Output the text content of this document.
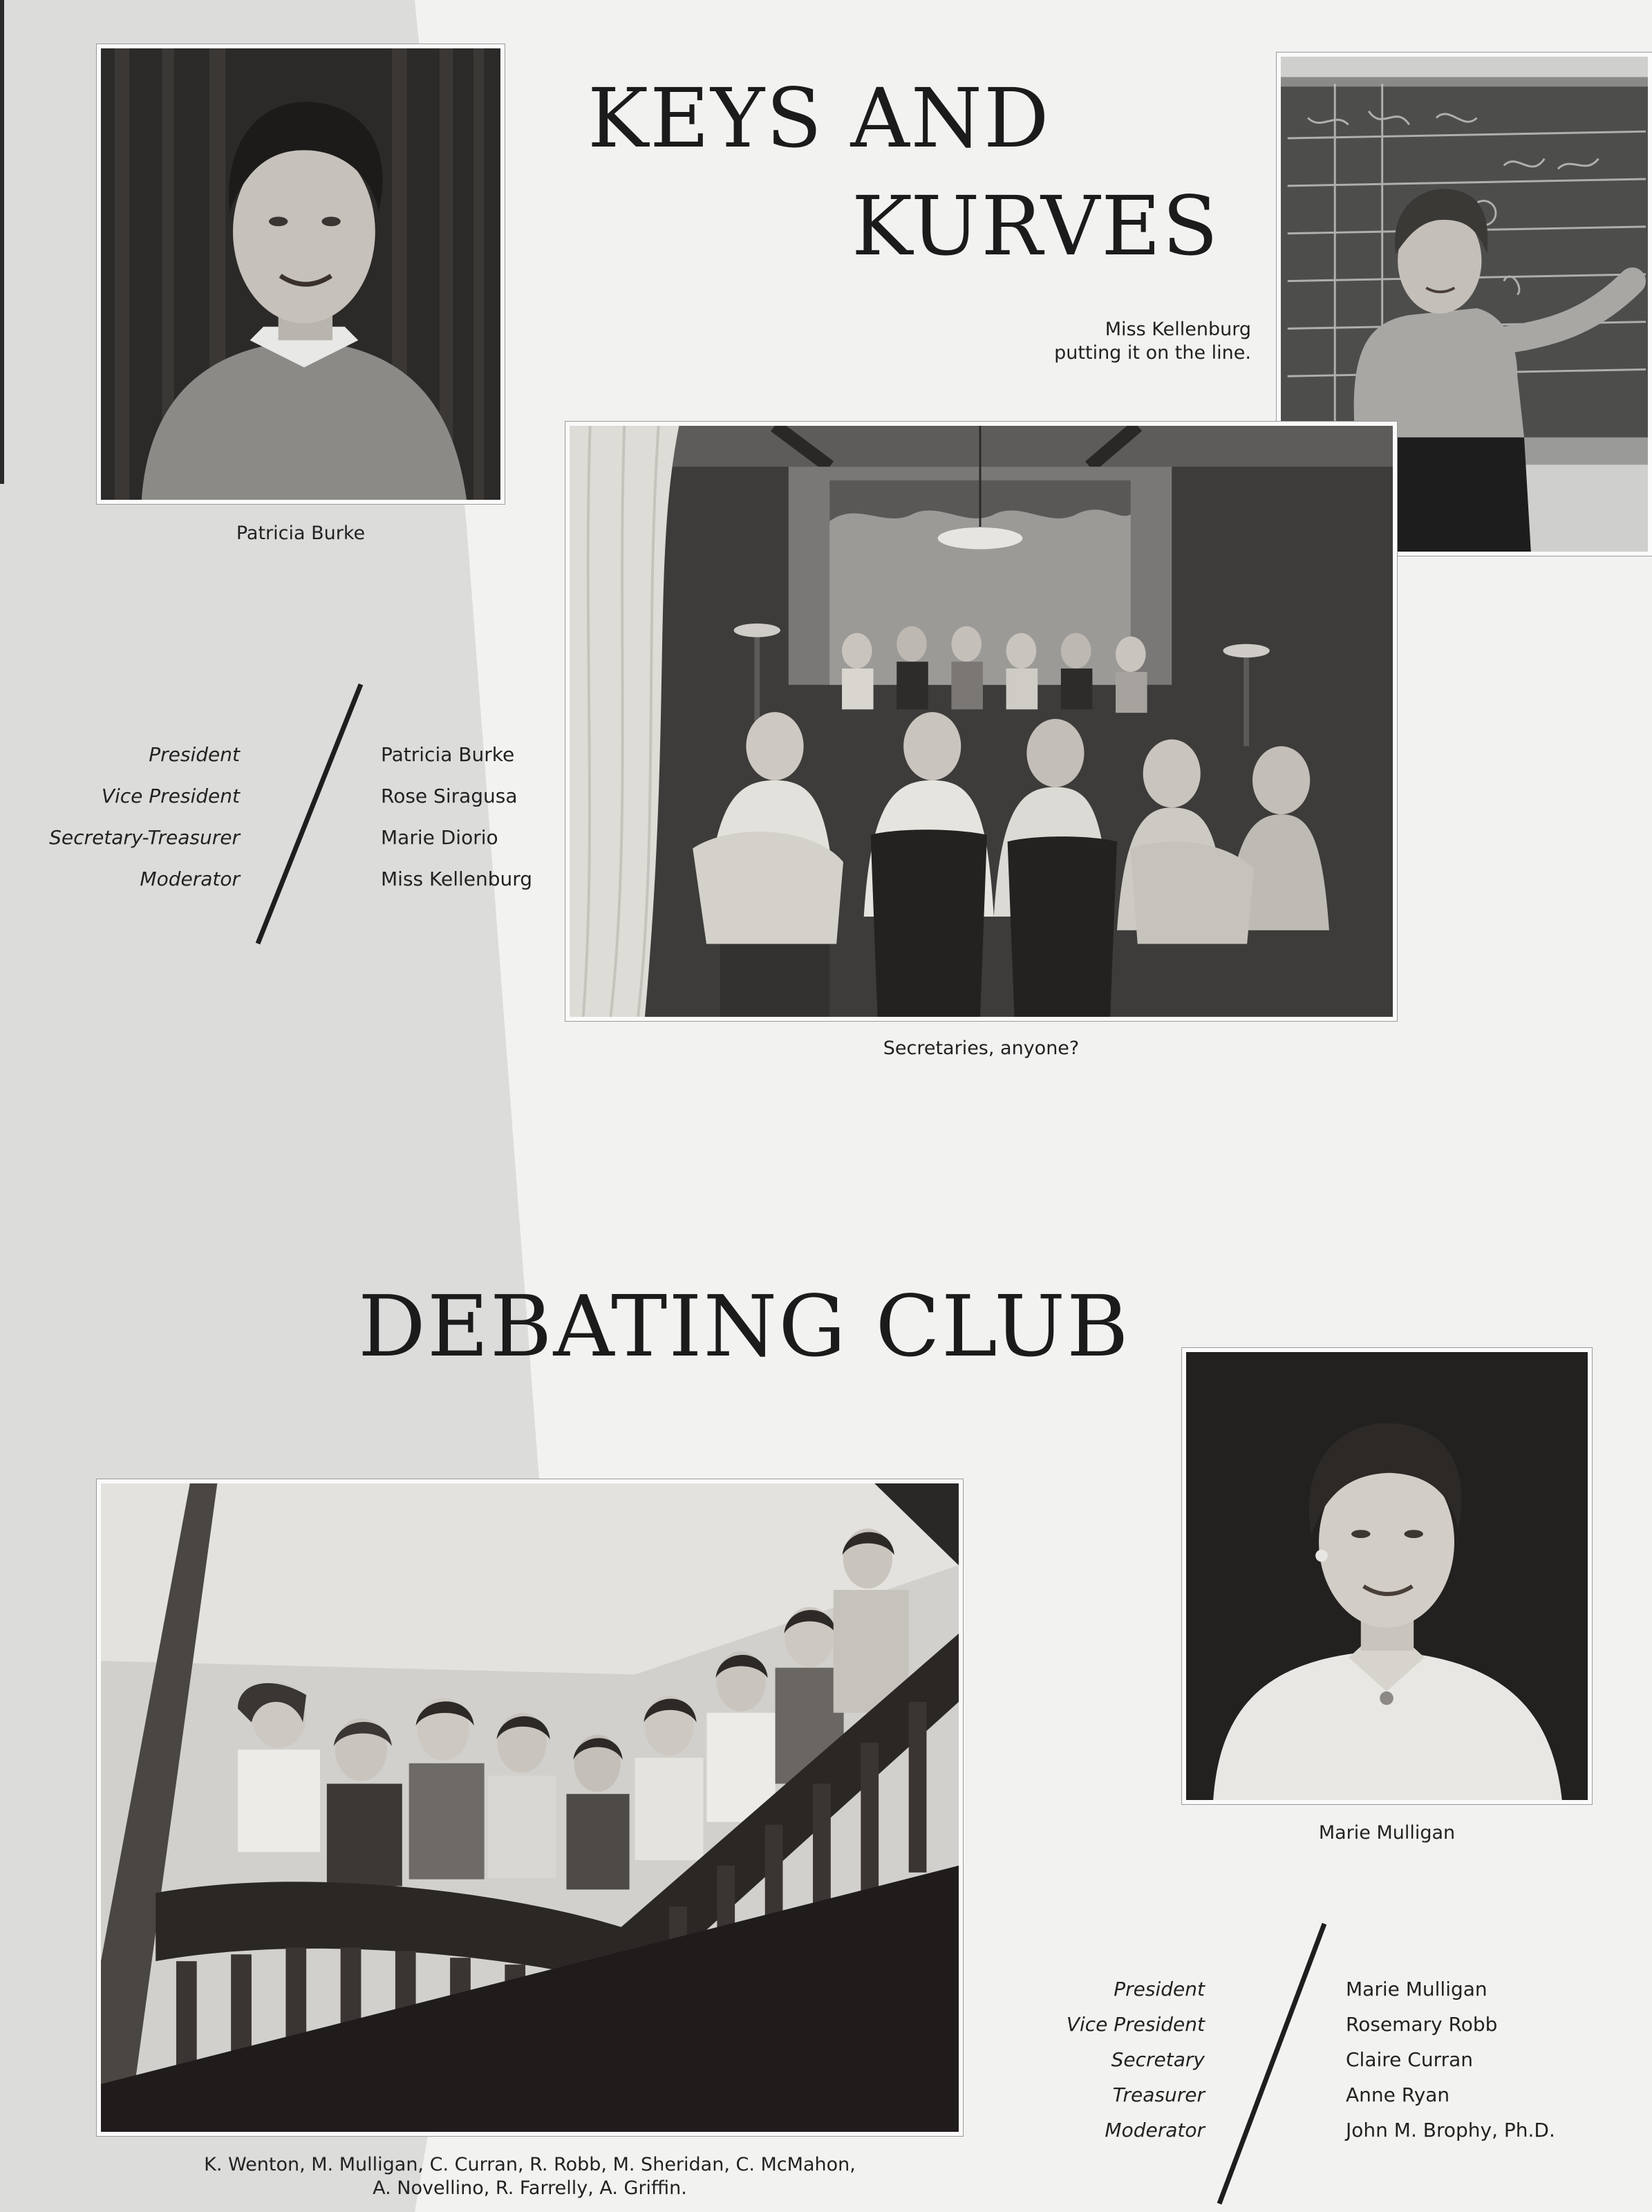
KEYS AND
KURVES
DEBATING CLUB
Patricia Burke
Miss Kellenburg putting it on the line.
Secretaries, anyone?
President
Vice President
Secretary-Treasurer
Moderator
Patricia Burke
Rose Siragusa
Marie Diorio
Miss Kellenburg
Marie Mulligan
K. Wenton, M. Mulligan, C. Curran, R. Robb, M. Sheridan, C. McMahon,
A. Novellino, R. Farrelly, A. Griffin.
President
Vice President
Secretary
Treasurer
Moderator
Marie Mulligan
Rosemary Robb
Claire Curran
Anne Ryan
John M. Brophy, Ph.D.
